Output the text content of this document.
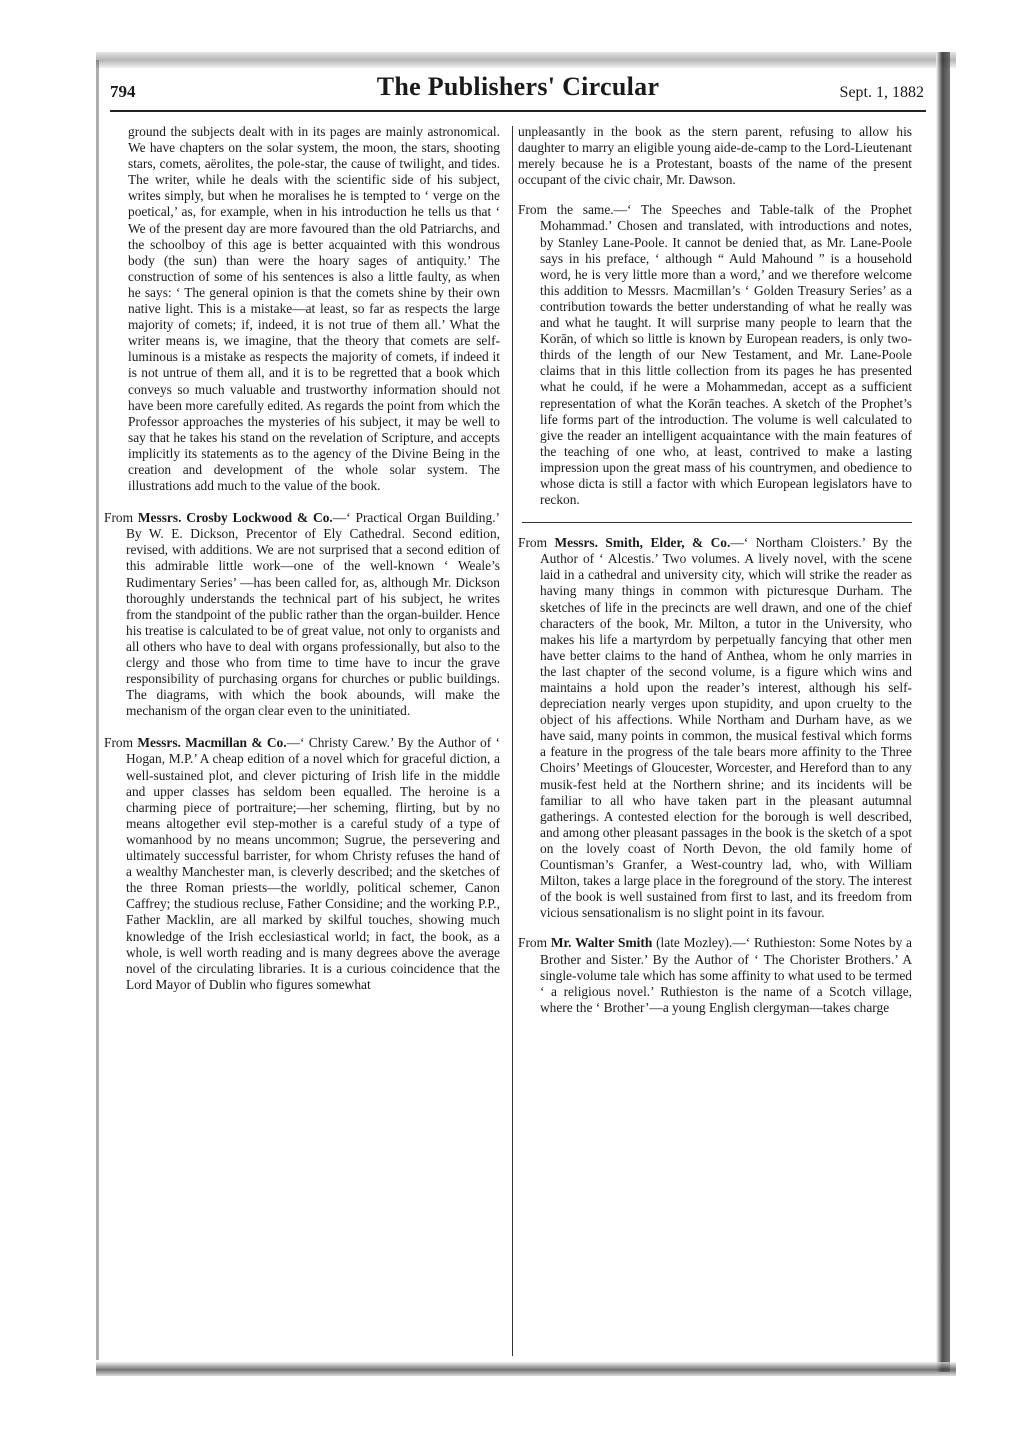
794	The Publishers' Circular	Sept. 1, 1882

ground the subjects dealt with in its pages are mainly astronomical. We have chapters on the solar system, the moon, the stars, shooting stars, comets, aërolites, the pole-star, the cause of twilight, and tides. The writer, while he deals with the scientific side of his subject, writes simply, but when he moralises he is tempted to ‘ verge on the poetical,’ as, for example, when in his introduction he tells us that ‘ We of the present day are more favoured than the old Patriarchs, and the schoolboy of this age is better acquainted with this wondrous body (the sun) than were the hoary sages of antiquity.’ The construction of some of his sentences is also a little faulty, as when he says: ‘ The general opinion is that the comets shine by their own native light. This is a mistake—at least, so far as respects the large majority of comets; if, indeed, it is not true of them all.’ What the writer means is, we imagine, that the theory that comets are self-luminous is a mistake as respects the majority of comets, if indeed it is not untrue of them all, and it is to be regretted that a book which conveys so much valuable and trustworthy information should not have been more carefully edited. As regards the point from which the Professor approaches the mysteries of his subject, it may be well to say that he takes his stand on the revelation of Scripture, and accepts implicitly its statements as to the agency of the Divine Being in the creation and development of the whole solar system. The illustrations add much to the value of the book.

From Messrs. Crosby Lockwood & Co.—‘ Practical Organ Building.’ By W. E. Dickson, Precentor of Ely Cathedral. Second edition, revised, with additions. We are not surprised that a second edition of this admirable little work—one of the well-known ‘ Weale’s Rudimentary Series’ —has been called for, as, although Mr. Dickson thoroughly understands the technical part of his subject, he writes from the standpoint of the public rather than the organ-builder. Hence his treatise is calculated to be of great value, not only to organists and all others who have to deal with organs professionally, but also to the clergy and those who from time to time have to incur the grave responsibility of purchasing organs for churches or public buildings. The diagrams, with which the book abounds, will make the mechanism of the organ clear even to the uninitiated.

From Messrs. Macmillan & Co.—‘ Christy Carew.’ By the Author of ‘ Hogan, M.P.’ A cheap edition of a novel which for graceful diction, a well-sustained plot, and clever picturing of Irish life in the middle and upper classes has seldom been equalled. The heroine is a charming piece of portraiture;—her scheming, flirting, but by no means altogether evil step-mother is a careful study of a type of womanhood by no means uncommon; Sugrue, the persevering and ultimately successful barrister, for whom Christy refuses the hand of a wealthy Manchester man, is cleverly described; and the sketches of the three Roman priests—the worldly, political schemer, Canon Caffrey; the studious recluse, Father Considine; and the working P.P., Father Macklin, are all marked by skilful touches, showing much knowledge of the Irish ecclesiastical world; in fact, the book, as a whole, is well worth reading and is many degrees above the average novel of the circulating libraries. It is a curious coincidence that the Lord Mayor of Dublin who figures somewhat

unpleasantly in the book as the stern parent, refusing to allow his daughter to marry an eligible young aide-de-camp to the Lord-Lieutenant merely because he is a Protestant, boasts of the name of the present occupant of the civic chair, Mr. Dawson.

From the same.—‘ The Speeches and Table-talk of the Prophet Mohammad.’ Chosen and translated, with introductions and notes, by Stanley Lane-Poole. It cannot be denied that, as Mr. Lane-Poole says in his preface, ‘ although “ Auld Mahound ” is a household word, he is very little more than a word,’ and we therefore welcome this addition to Messrs. Macmillan’s ‘ Golden Treasury Series’ as a contribution towards the better understanding of what he really was and what he taught. It will surprise many people to learn that the Korān, of which so little is known by European readers, is only two-thirds of the length of our New Testament, and Mr. Lane-Poole claims that in this little collection from its pages he has presented what he could, if he were a Mohammedan, accept as a sufficient representation of what the Korān teaches. A sketch of the Prophet’s life forms part of the introduction. The volume is well calculated to give the reader an intelligent acquaintance with the main features of the teaching of one who, at least, contrived to make a lasting impression upon the great mass of his countrymen, and obedience to whose dicta is still a factor with which European legislators have to reckon.

From Messrs. Smith, Elder, & Co.—‘ Northam Cloisters.’ By the Author of ‘ Alcestis.’ Two volumes. A lively novel, with the scene laid in a cathedral and university city, which will strike the reader as having many things in common with picturesque Durham. The sketches of life in the precincts are well drawn, and one of the chief characters of the book, Mr. Milton, a tutor in the University, who makes his life a martyrdom by perpetually fancying that other men have better claims to the hand of Anthea, whom he only marries in the last chapter of the second volume, is a figure which wins and maintains a hold upon the reader’s interest, although his self-depreciation nearly verges upon stupidity, and upon cruelty to the object of his affections. While Northam and Durham have, as we have said, many points in common, the musical festival which forms a feature in the progress of the tale bears more affinity to the Three Choirs’ Meetings of Gloucester, Worcester, and Hereford than to any musik-fest held at the Northern shrine; and its incidents will be familiar to all who have taken part in the pleasant autumnal gatherings. A contested election for the borough is well described, and among other pleasant passages in the book is the sketch of a spot on the lovely coast of North Devon, the old family home of Countisman’s Granfer, a West-country lad, who, with William Milton, takes a large place in the foreground of the story. The interest of the book is well sustained from first to last, and its freedom from vicious sensationalism is no slight point in its favour.

From Mr. Walter Smith (late Mozley).—‘ Ruthieston: Some Notes by a Brother and Sister.’ By the Author of ‘ The Chorister Brothers.’ A single-volume tale which has some affinity to what used to be termed ‘ a religious novel.’ Ruthieston is the name of a Scotch village, where the ‘ Brother’—a young English clergyman—takes charge
